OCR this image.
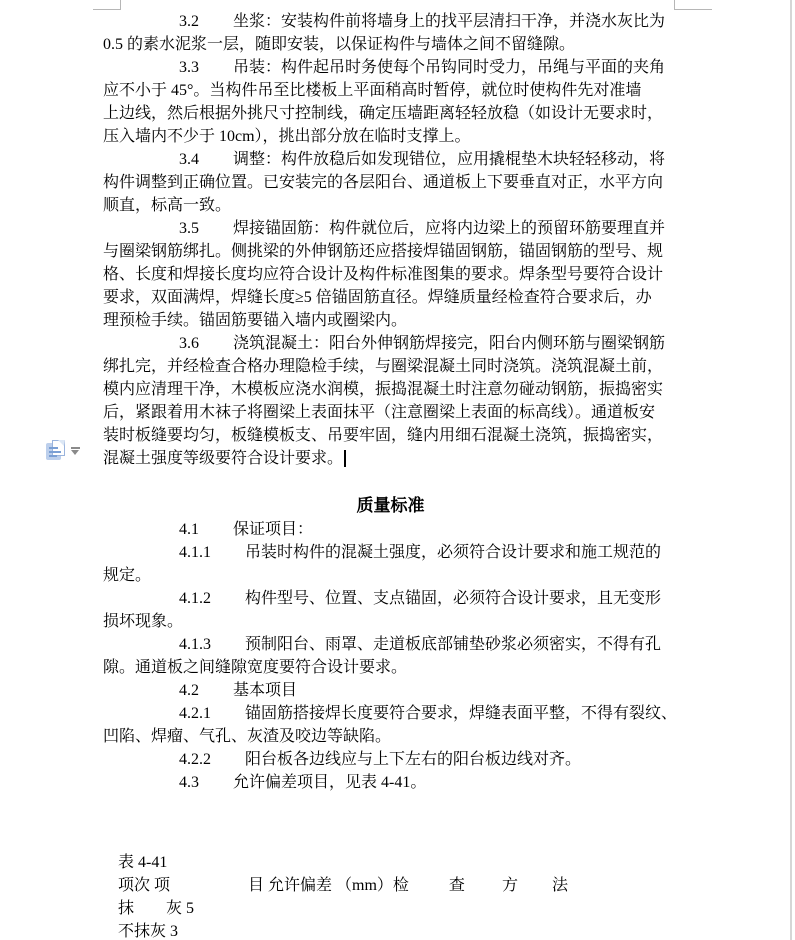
3.2 坐浆：安装构件前将墙身上的找平层清扫干净，并浇水灰比为
0.5 的素水泥浆一层，随即安装，以保证构件与墙体之间不留缝隙。
3.3 吊装：构件起吊时务使每个吊钩同时受力，吊绳与平面的夹角
应不小于 45°。当构件吊至比楼板上平面稍高时暂停，就位时使构件先对准墙
上边线，然后根据外挑尺寸控制线，确定压墙距离轻轻放稳（如设计无要求时，
压入墙内不少于 10cm），挑出部分放在临时支撑上。
3.4 调整：构件放稳后如发现错位，应用撬棍垫木块轻轻移动，将
构件调整到正确位置。已安装完的各层阳台、通道板上下要垂直对正，水平方向
顺直，标高一致。
3.5 焊接锚固筋：构件就位后，应将内边梁上的预留环筋要理直并
与圈梁钢筋绑扎。侧挑梁的外伸钢筋还应搭接焊锚固钢筋，锚固钢筋的型号、规
格、长度和焊接长度均应符合设计及构件标准图集的要求。焊条型号要符合设计
要求，双面满焊，焊缝长度≥5 倍锚固筋直径。焊缝质量经检查符合要求后，办
理预检手续。锚固筋要锚入墙内或圈梁内。
3.6 浇筑混凝土：阳台外伸钢筋焊接完，阳台内侧环筋与圈梁钢筋
绑扎完，并经检查合格办理隐检手续，与圈梁混凝土同时浇筑。浇筑混凝土前，
模内应清理干净，木模板应浇水润模，振捣混凝土时注意勿碰动钢筋，振捣密实
后，紧跟着用木袜子将圈梁上表面抹平（注意圈梁上表面的标高线）。通道板安
装时板缝要均匀，板缝模板支、吊要牢固，缝内用细石混凝土浇筑，振捣密实，
混凝土强度等级要符合设计要求。
质量标准
4.1 保证项目：
4.1.1 吊装时构件的混凝土强度，必须符合设计要求和施工规范的
规定。
4.1.2 构件型号、位置、支点锚固，必须符合设计要求，且无变形
损坏现象。
4.1.3 预制阳台、雨罩、走道板底部铺垫砂浆必须密实，不得有孔
隙。通道板之间缝隙宽度要符合设计要求。
4.2 基本项目
4.2.1 锚固筋搭接焊长度要符合要求，焊缝表面平整，不得有裂纹、
凹陷、焊瘤、气孔、灰渣及咬边等缺陷。
4.2.2 阳台板各边线应与上下左右的阳台板边线对齐。
4.3 允许偏差项目，见表 4-41。
表 4-41
项次 项	目 允许偏差 （mm）检	查 方 法
抹 灰 5
不抹灰 3
